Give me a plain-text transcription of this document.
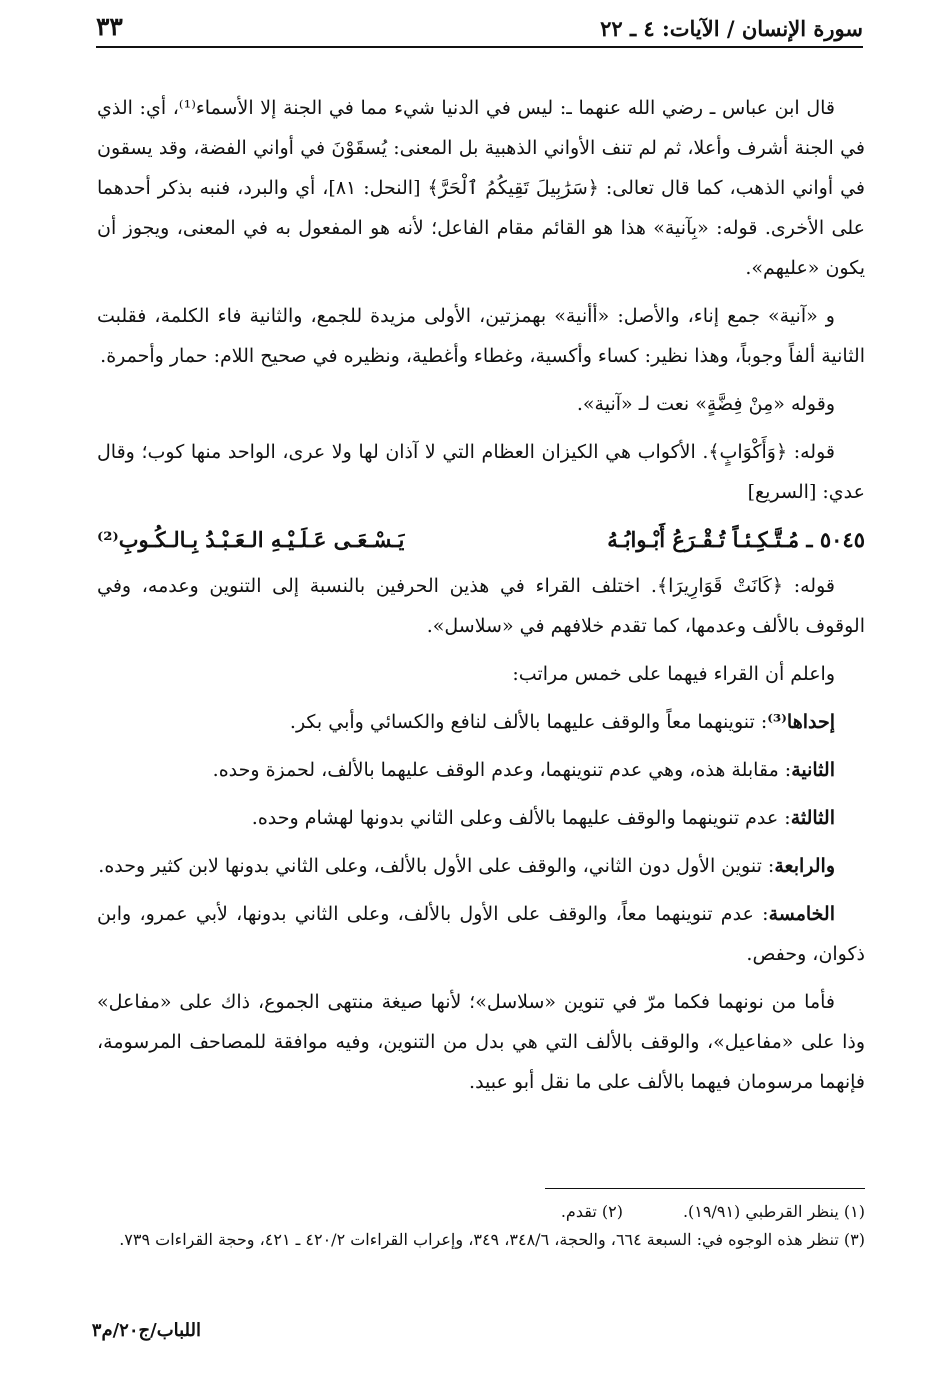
سورة الإنسان / الآيات: ٤ ـ ٢٢
٣٣

قال ابن عباس ـ رضي الله عنهما ـ: ليس في الدنيا شيء مما في الجنة إلا الأسماء⁽¹⁾، أي: الذي في الجنة أشرف وأعلا، ثم لم تنف الأواني الذهبية بل المعنى: يُسقَوْنَ في أواني الفضة، وقد يسقون في أواني الذهب، كما قال تعالى: ﴿سَرَٰبِيلَ تَقِيكُمُ ٱلْحَرَّ﴾ [النحل: ٨١]، أي والبرد، فنبه بذكر أحدهما على الأخرى. قوله: «بِآنية» هذا هو القائم مقام الفاعل؛ لأنه هو المفعول به في المعنى، ويجوز أن يكون «عليهم».

و «آنية» جمع إناء، والأصل: «أأنية» بهمزتين، الأولى مزيدة للجمع، والثانية فاء الكلمة، فقلبت الثانية ألفاً وجوباً، وهذا نظير: كساء وأكسية، وغطاء وأغطية، ونظيره في صحيح اللام: حمار وأحمرة.

وقوله «مِنْ فِضَّةٍ» نعت لـ «آنية».

قوله: ﴿وَأَكْوَابٍ﴾. الأكواب هي الكيزان العظام التي لا آذان لها ولا عرى، الواحد منها كوب؛ وقال عدي: [السريع]

٥٠٤٥ ـ مُـتَّـكِـئـاً تُـقْـرَعُ أَبْـوابُـهُ
يَـسْـعَـى عَـلَـيْـهِ الـعَـبْـدُ بِـالـكُـوبِ⁽²⁾

قوله: ﴿كَانَتْ قَوَارِيرَا﴾. اختلف القراء في هذين الحرفين بالنسبة إلى التنوين وعدمه، وفي الوقوف بالألف وعدمها، كما تقدم خلافهم في «سلاسل».

واعلم أن القراء فيهما على خمس مراتب:

إحداها⁽³⁾: تنوينهما معاً والوقف عليهما بالألف لنافع والكسائي وأبي بكر.

الثانية: مقابلة هذه، وهي عدم تنوينهما، وعدم الوقف عليهما بالألف، لحمزة وحده.

الثالثة: عدم تنوينهما والوقف عليهما بالألف وعلى الثاني بدونها لهشام وحده.

والرابعة: تنوين الأول دون الثاني، والوقف على الأول بالألف، وعلى الثاني بدونها لابن كثير وحده.

الخامسة: عدم تنوينهما معاً، والوقف على الأول بالألف، وعلى الثاني بدونها، لأبي عمرو، وابن ذكوان، وحفص.

فأما من نونهما فكما مرّ في تنوين «سلاسل»؛ لأنها صيغة منتهى الجموع، ذاك على «مفاعل» وذا على «مفاعيل»، والوقف بالألف التي هي بدل من التنوين، وفيه موافقة للمصاحف المرسومة، فإنهما مرسومان فيهما بالألف على ما نقل أبو عبيد.

(١) ينظر القرطبي (١٩/٩١).
(٢) تقدم.
(٣) تنظر هذه الوجوه في: السبعة ٦٦٤، والحجة، ٣٤٨/٦، ٣٤٩، وإعراب القراءات ٤٢٠/٢ ـ ٤٢١، وحجة القراءات ٧٣٩.
اللباب/ج٢٠/م٣
